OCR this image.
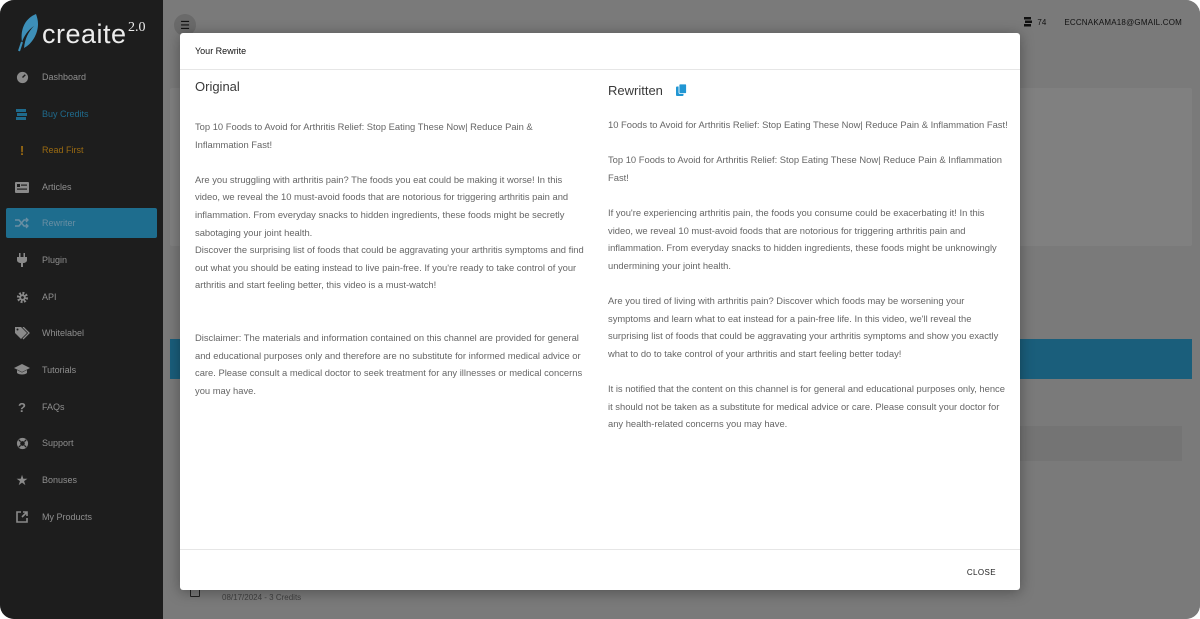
creaite 2.0
Dashboard
Buy Credits
!	Read First
Articles
Rewriter
Plugin
API
Whitelabel
Tutorials
?	FAQs
Support
★ Bonuses
My Products
☰	74 ECCNAKAMA18@GMAIL.COM
08/17/2024 - 3 Credits
Your Rewrite
Original

Top 10 Foods to Avoid for Arthritis Relief: Stop Eating These Now| Reduce Pain & Inflammation Fast!

Are you struggling with arthritis pain? The foods you eat could be making it worse! In this video, we reveal the 10 must-avoid foods that are notorious for triggering arthritis pain and inflammation. From everyday snacks to hidden ingredients, these foods might be secretly sabotaging your joint health.

Discover the surprising list of foods that could be aggravating your arthritis symptoms and find out what you should be eating instead to live pain-free. If you're ready to take control of your arthritis and start feeling better, this video is a must-watch!

Disclaimer: The materials and information contained on this channel are provided for general and educational purposes only and therefore are no substitute for informed medical advice or care. Please consult a medical doctor to seek treatment for any illnesses or medical concerns you may have.

Rewritten

10 Foods to Avoid for Arthritis Relief: Stop Eating These Now| Reduce Pain & Inflammation Fast!

Top 10 Foods to Avoid for Arthritis Relief: Stop Eating These Now| Reduce Pain & Inflammation Fast!

If you're experiencing arthritis pain, the foods you consume could be exacerbating it! In this video, we reveal 10 must-avoid foods that are notorious for triggering arthritis pain and inflammation. From everyday snacks to hidden ingredients, these foods might be unknowingly undermining your joint health.

Are you tired of living with arthritis pain? Discover which foods may be worsening your symptoms and learn what to eat instead for a pain-free life. In this video, we'll reveal the surprising list of foods that could be aggravating your arthritis symptoms and show you exactly what to do to take control of your arthritis and start feeling better today!

It is notified that the content on this channel is for general and educational purposes only, hence it should not be taken as a substitute for medical advice or care. Please consult your doctor for any health-related concerns you may have.

CLOSE
